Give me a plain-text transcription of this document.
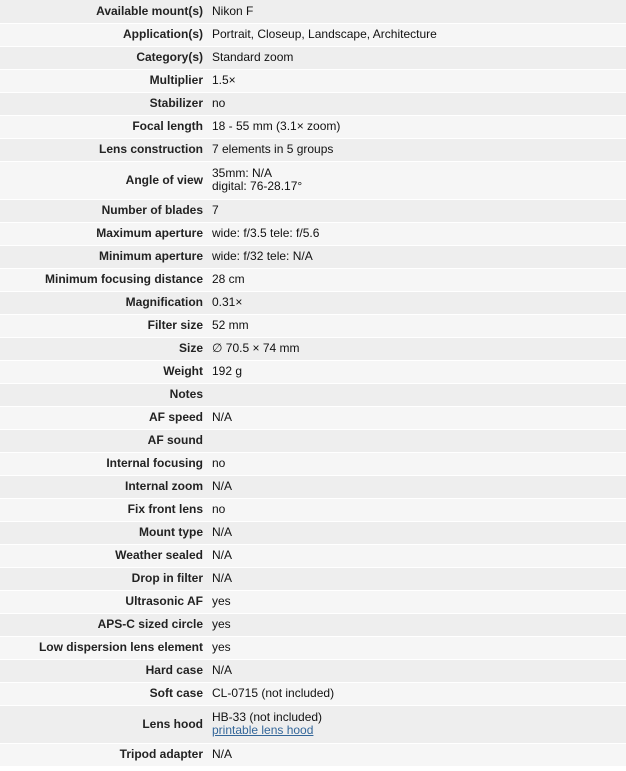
Available mount(s)	Nikon F
Application(s)	Portrait, Closeup, Landscape, Architecture
Category(s)	Standard zoom
Multiplier	1.5×
Stabilizer	no
Focal length	18 - 55 mm (3.1× zoom)
Lens construction	7 elements in 5 groups
Angle of view	35mm: N/A
digital: 76-28.17°

Number of blades	7
Maximum aperture	wide: f/3.5 tele: f/5.6
Minimum aperture	wide: f/32 tele: N/A
Minimum focusing distance	28 cm
Magnification	0.31×
Filter size	52 mm
Size	∅ 70.5 × 74 mm
Weight	192 g
Notes	
AF speed	N/A
AF sound	
Internal focusing	no
Internal zoom	N/A
Fix front lens	no
Mount type	N/A
Weather sealed	N/A
Drop in filter	N/A
Ultrasonic AF	yes
APS-C sized circle	yes
Low dispersion lens element	yes
Hard case	N/A
Soft case	CL-0715 (not included)
Lens hood	HB-33 (not included)
printable lens hood

Tripod adapter	N/A
